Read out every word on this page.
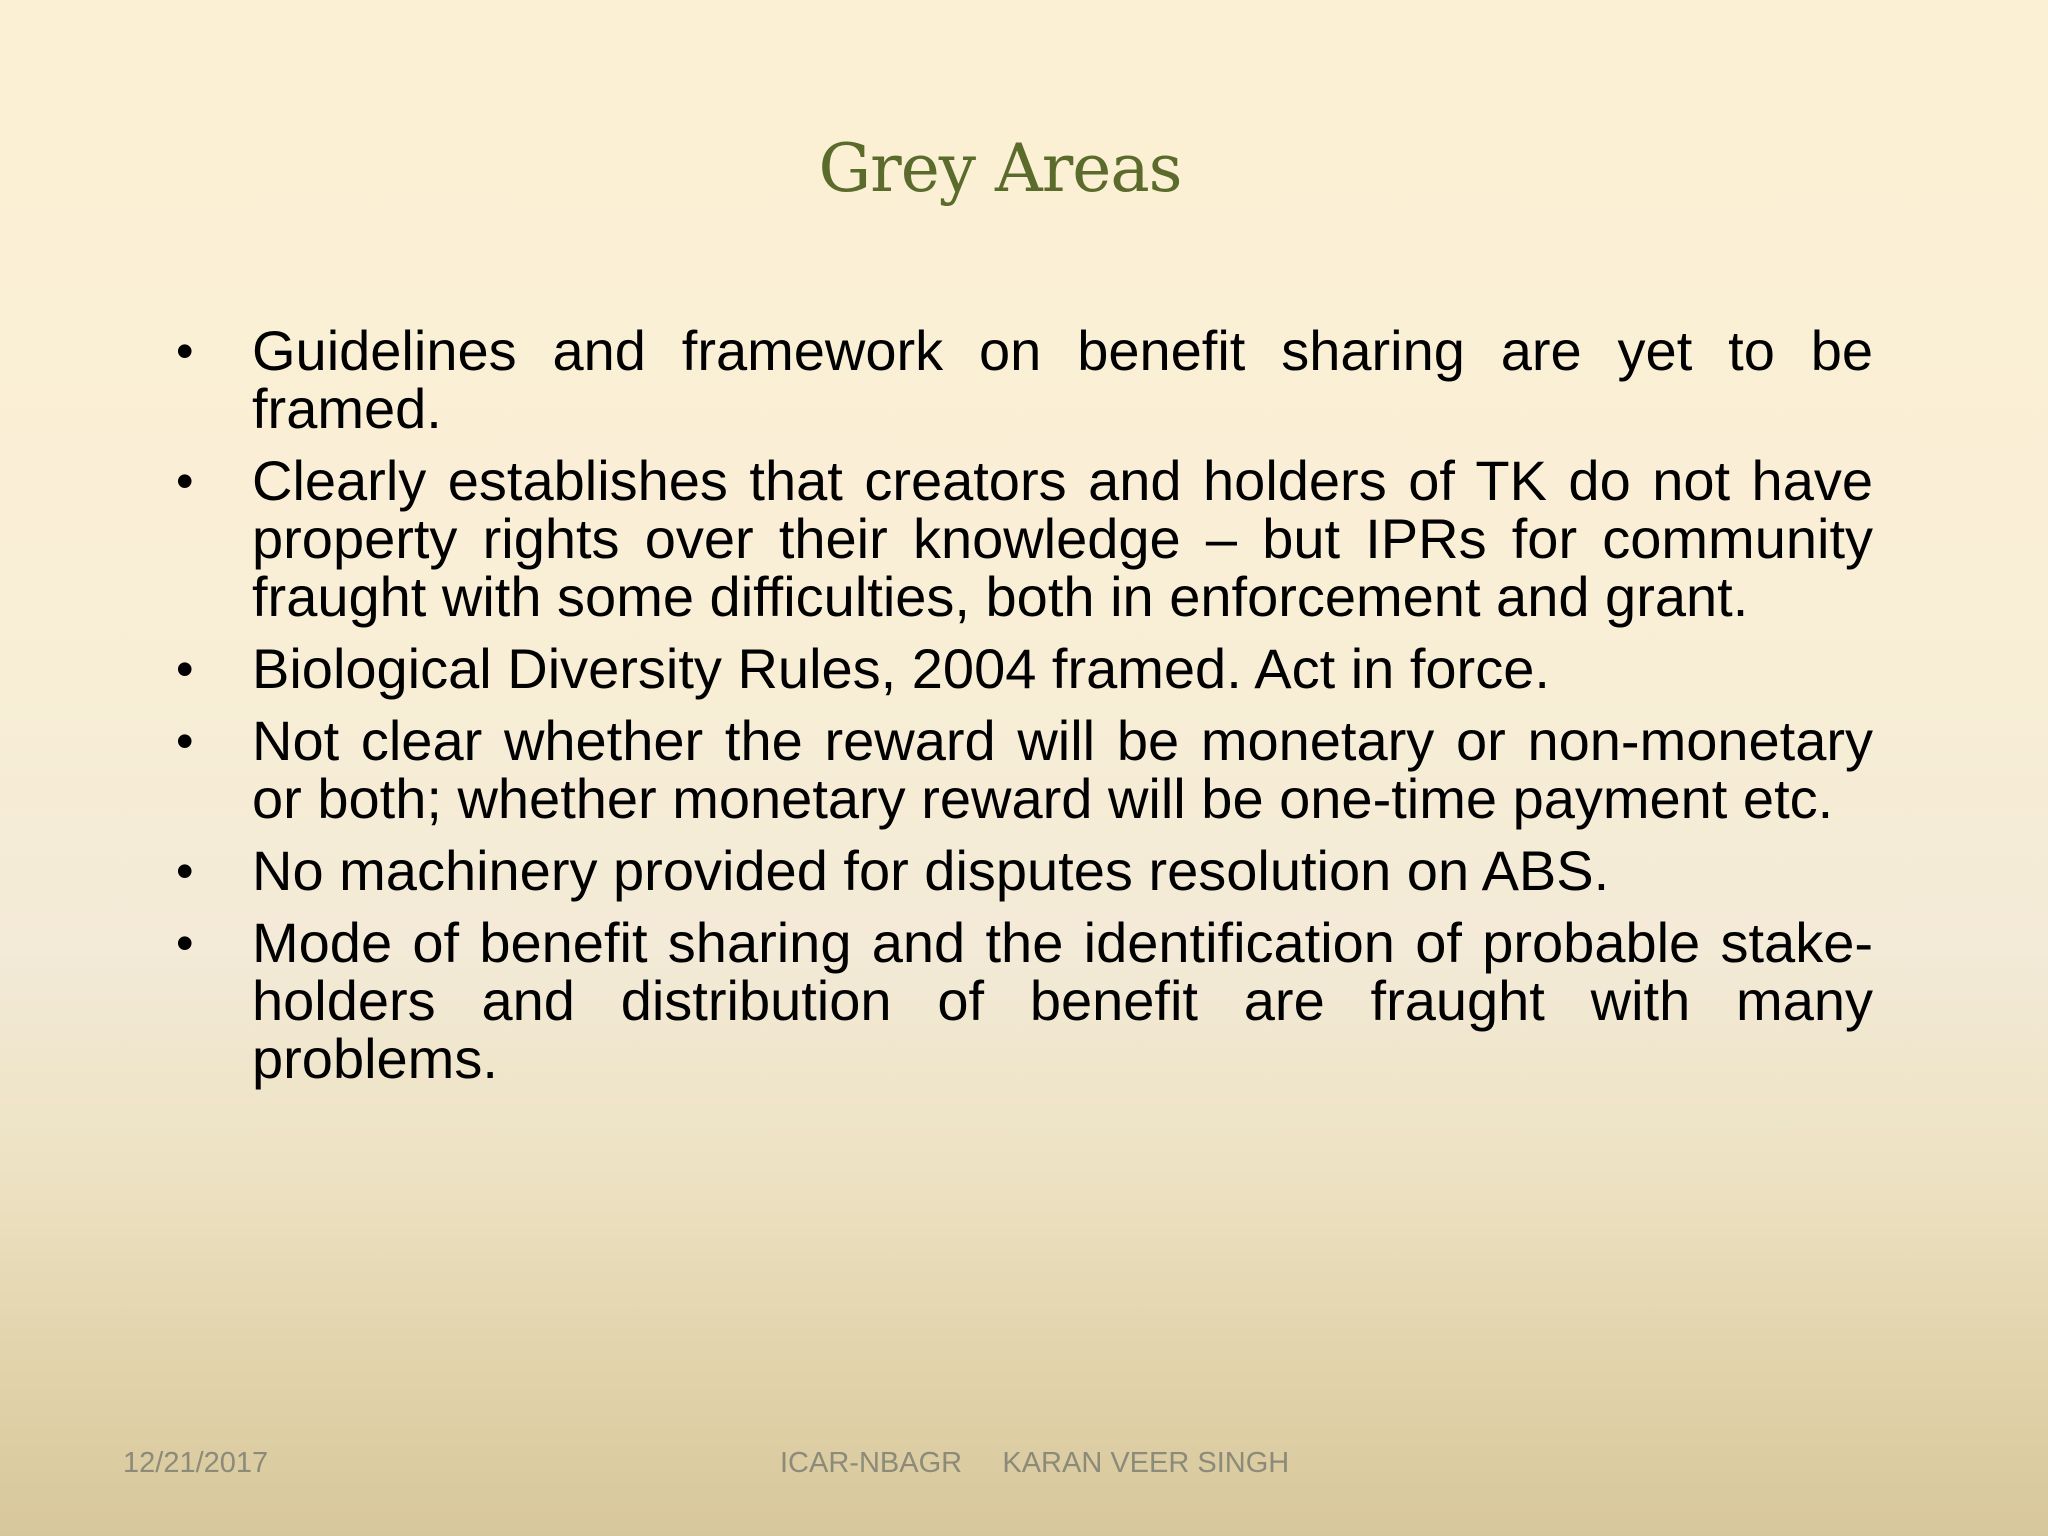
Grey Areas
• Guidelines and framework on benefit sharing are yet to be framed.
• Clearly establishes that creators and holders of TK do not have property rights over their knowledge – but IPRs for community fraught with some difficulties, both in enforcement and grant.
• Biological Diversity Rules, 2004 framed. Act in force.
• Not clear whether the reward will be monetary or non-monetary or both; whether monetary reward will be one-time payment etc.
• No machinery provided for disputes resolution on ABS.
• Mode of benefit sharing and the identification of probable stake-holders and distribution of benefit are fraught with many problems.
12/21/2017	ICAR-NBAGR     KARAN VEER SINGH
